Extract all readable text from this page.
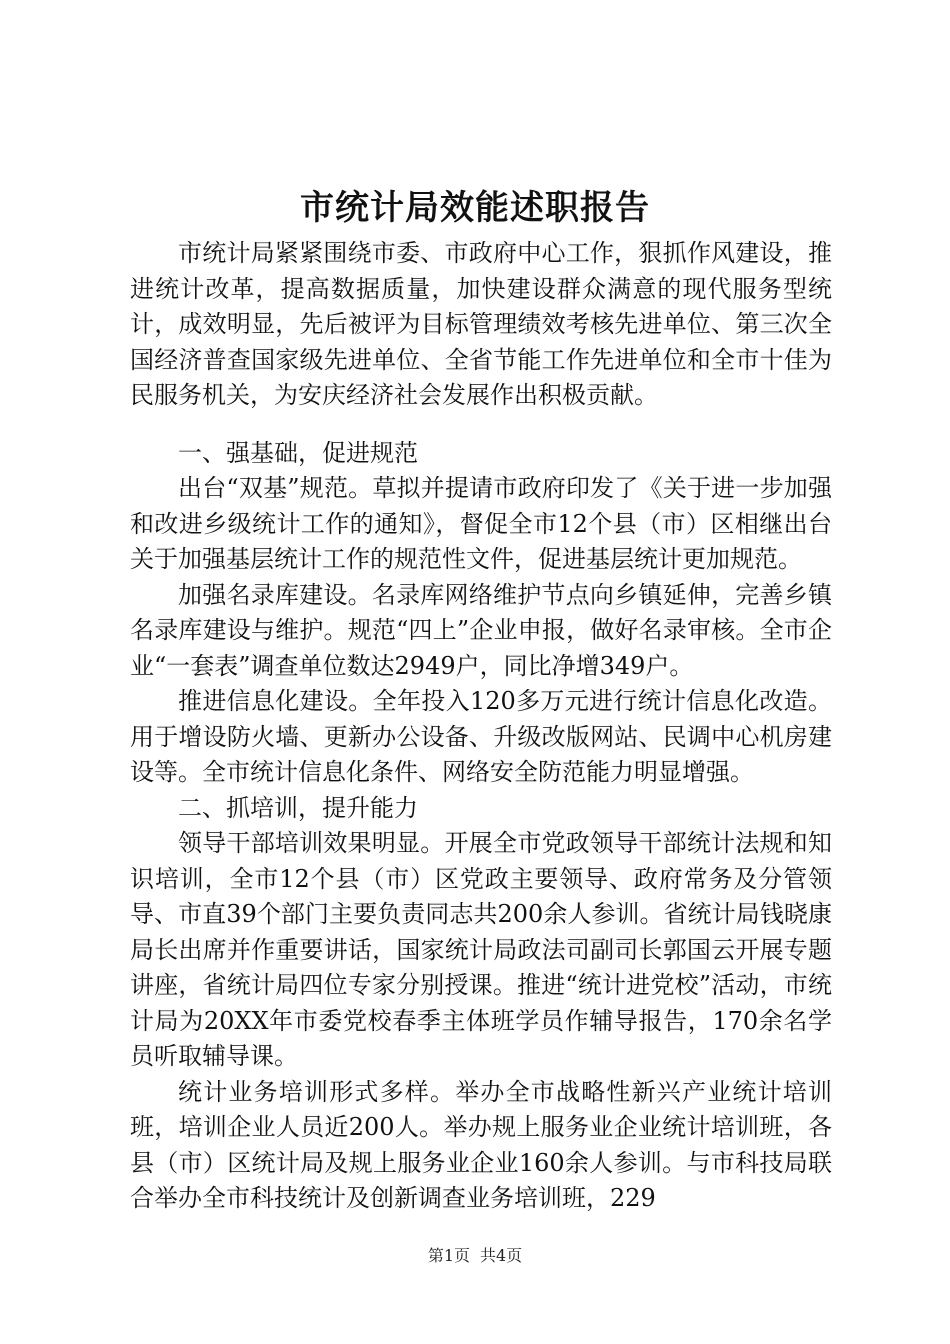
市统计局效能述职报告

市统计局紧紧围绕市委、市政府中心工作，狠抓作风建设，推进统计改革，提高数据质量，加快建设群众满意的现代服务型统计，成效明显，先后被评为目标管理绩效考核先进单位、第三次全国经济普查国家级先进单位、全省节能工作先进单位和全市十佳为民服务机关，为安庆经济社会发展作出积极贡献。

一、强基础，促进规范

出台“双基”规范。草拟并提请市政府印发了《关于进一步加强和改进乡级统计工作的通知》，督促全市12个县（市）区相继出台关于加强基层统计工作的规范性文件，促进基层统计更加规范。

加强名录库建设。名录库网络维护节点向乡镇延伸，完善乡镇名录库建设与维护。规范“四上”企业申报，做好名录审核。全市企业“一套表”调查单位数达2949户，同比净增349户。

推进信息化建设。全年投入120多万元进行统计信息化改造。用于增设防火墙、更新办公设备、升级改版网站、民调中心机房建设等。全市统计信息化条件、网络安全防范能力明显增强。

二、抓培训，提升能力

领导干部培训效果明显。开展全市党政领导干部统计法规和知识培训，全市12个县（市）区党政主要领导、政府常务及分管领导、市直39个部门主要负责同志共200余人参训。省统计局钱晓康局长出席并作重要讲话，国家统计局政法司副司长郭国云开展专题讲座，省统计局四位专家分别授课。推进“统计进党校”活动，市统计局为20XX年市委党校春季主体班学员作辅导报告，170余名学员听取辅导课。

统计业务培训形式多样。举办全市战略性新兴产业统计培训班，培训企业人员近200人。举办规上服务业企业统计培训班，各县（市）区统计局及规上服务业企业160余人参训。与市科技局联合举办全市科技统计及创新调查业务培训班，229

第1页 共4页
